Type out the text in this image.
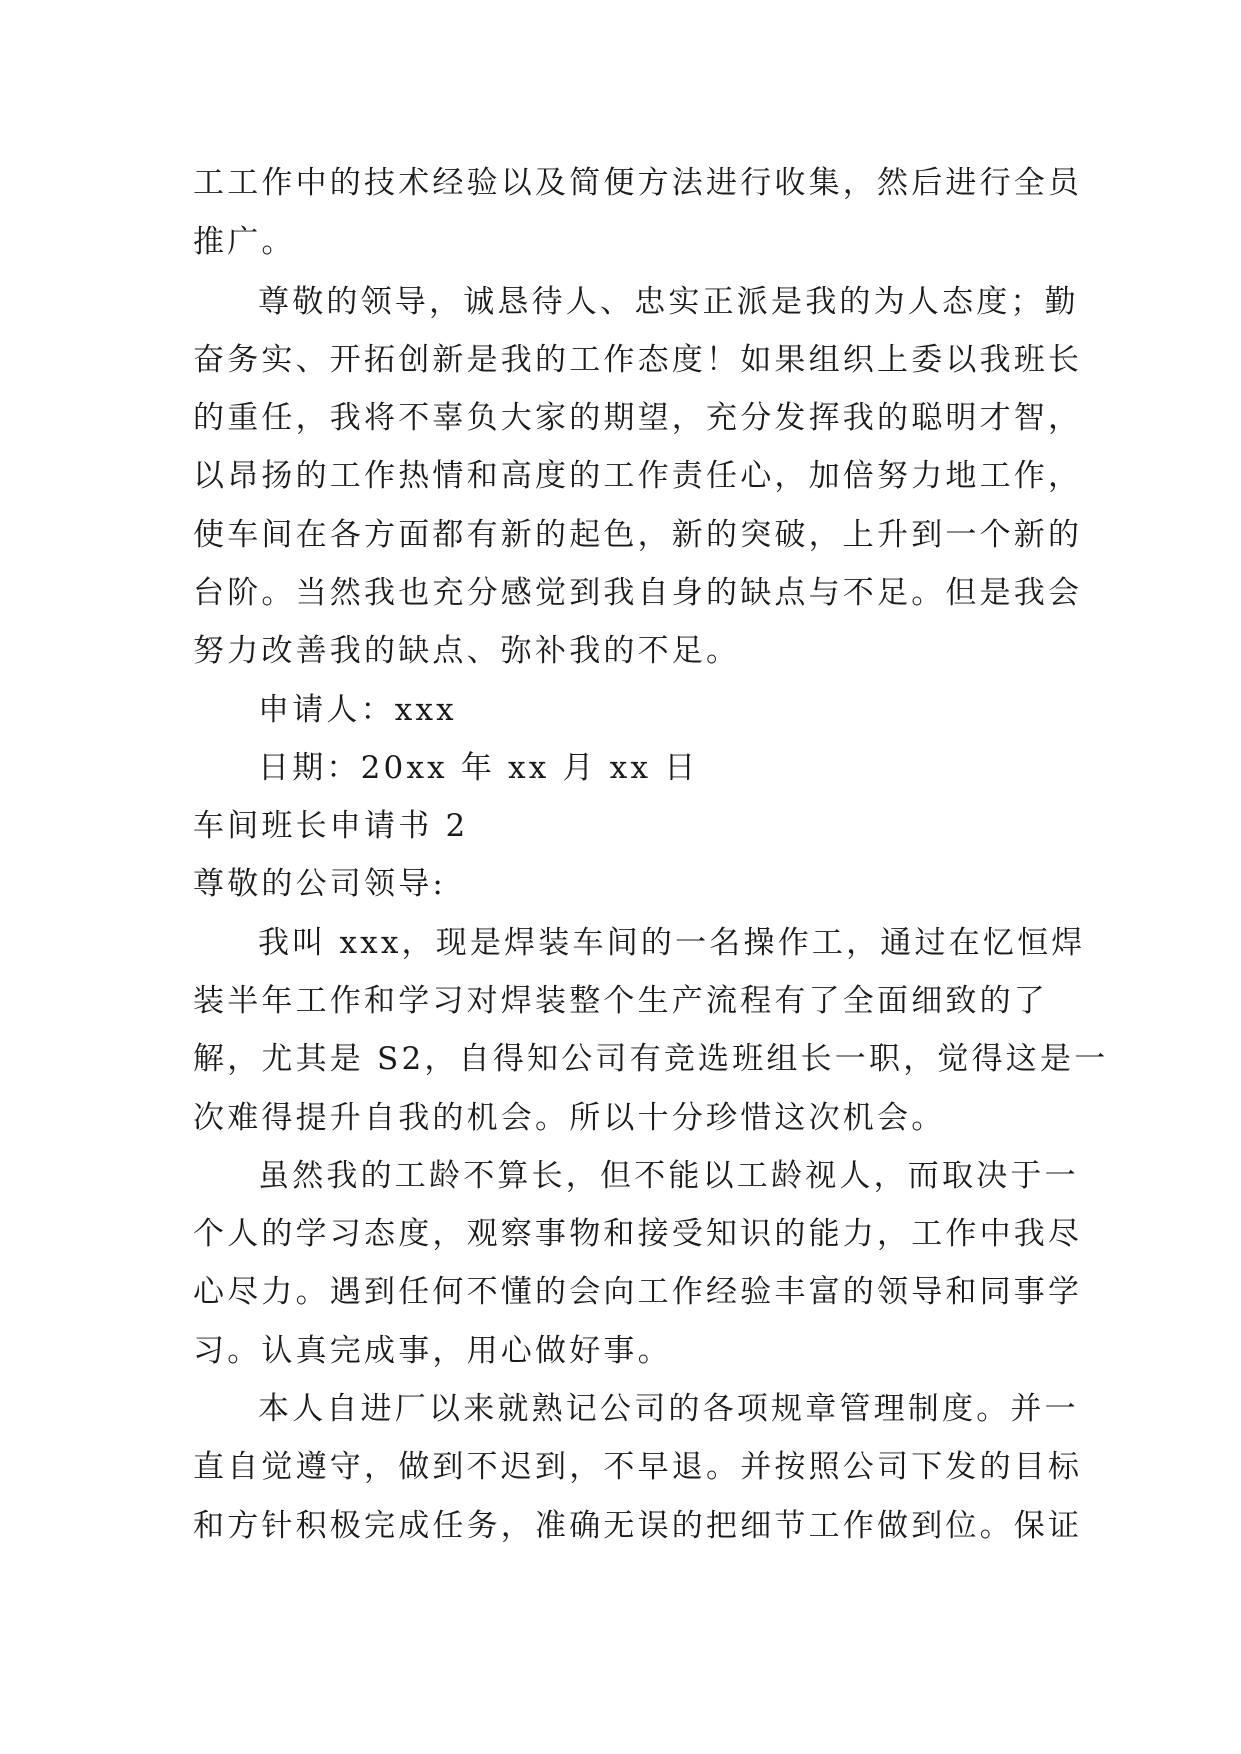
工工作中的技术经验以及简便方法进行收集，然后进行全员
推广。
尊敬的领导，诚恳待人、忠实正派是我的为人态度；勤
奋务实、开拓创新是我的工作态度！如果组织上委以我班长
的重任，我将不辜负大家的期望，充分发挥我的聪明才智，
以昂扬的工作热情和高度的工作责任心，加倍努力地工作，
使车间在各方面都有新的起色，新的突破，上升到一个新的
台阶。当然我也充分感觉到我自身的缺点与不足。但是我会
努力改善我的缺点、弥补我的不足。
申请人：xxx
日期：20xx 年 xx 月 xx 日
车间班长申请书 2
尊敬的公司领导:
我叫 xxx，现是焊装车间的一名操作工，通过在忆恒焊
装半年工作和学习对焊装整个生产流程有了全面细致的了
解，尤其是 S2，自得知公司有竞选班组长一职，觉得这是一
次难得提升自我的机会。所以十分珍惜这次机会。
虽然我的工龄不算长，但不能以工龄视人，而取决于一
个人的学习态度，观察事物和接受知识的能力，工作中我尽
心尽力。遇到任何不懂的会向工作经验丰富的领导和同事学
习。认真完成事，用心做好事。
本人自进厂以来就熟记公司的各项规章管理制度。并一
直自觉遵守，做到不迟到，不早退。并按照公司下发的目标
和方针积极完成任务，准确无误的把细节工作做到位。保证
